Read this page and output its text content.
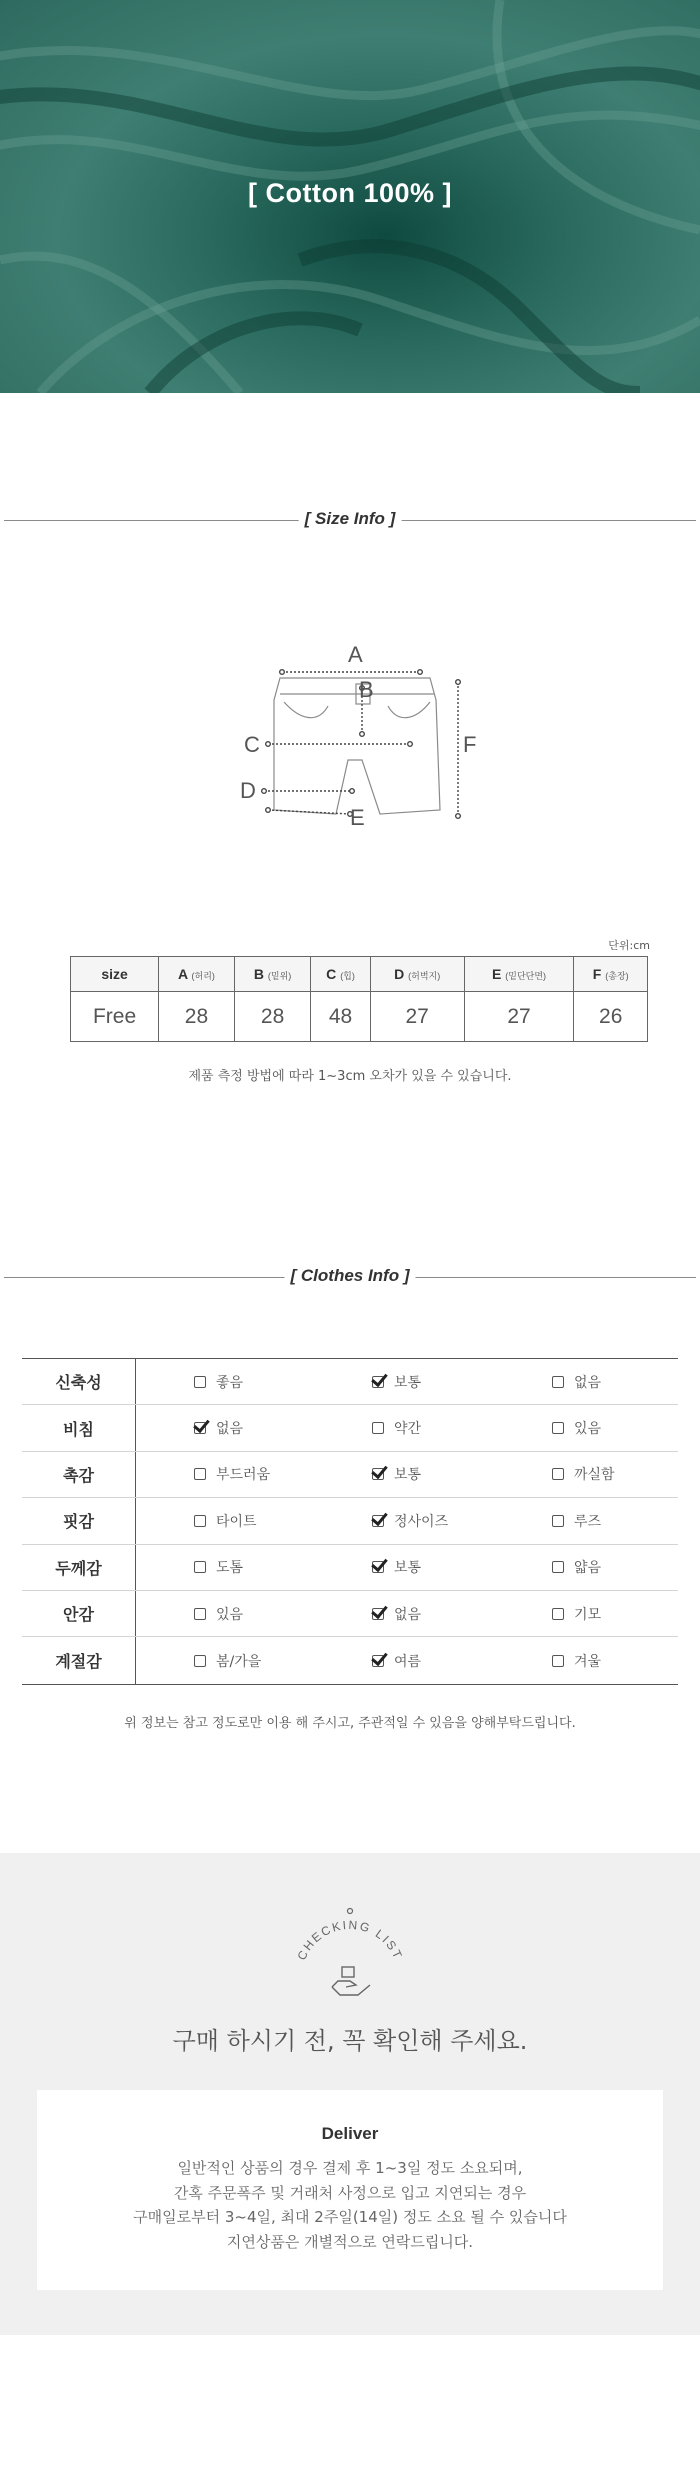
[ Cotton 100% ]
[ Size Info ]
A
B
C
D
E
F
단위:cm
size	A (허리)	B (밑위)	C (힙)	D (허벅지)	E (밑단단면)	F (총장)
Free	28	28	48	27	27	26
제품 측정 방법에 따라 1~3cm 오차가 있을 수 있습니다.
[ Clothes Info ]
신축성	좋음	보통	없음
비침	없음	약간	있음
촉감	부드러움	보통	까실함
핏감	타이트	정사이즈	루즈
두께감	도톰	보통	얇음
안감	있음	없음	기모
계절감	봄/가을	여름	겨울
위 정보는 참고 정도로만 이용 해 주시고, 주관적일 수 있음을 양해부탁드립니다.
CHECKING LIST
구매 하시기 전, 꼭 확인해 주세요.
Deliver
일반적인 상품의 경우 결제 후 1~3일 정도 소요되며,
간혹 주문폭주 및 거래처 사정으로 입고 지연되는 경우
구매일로부터 3~4일, 최대 2주일(14일) 정도 소요 될 수 있습니다
지연상품은 개별적으로 연락드립니다.
